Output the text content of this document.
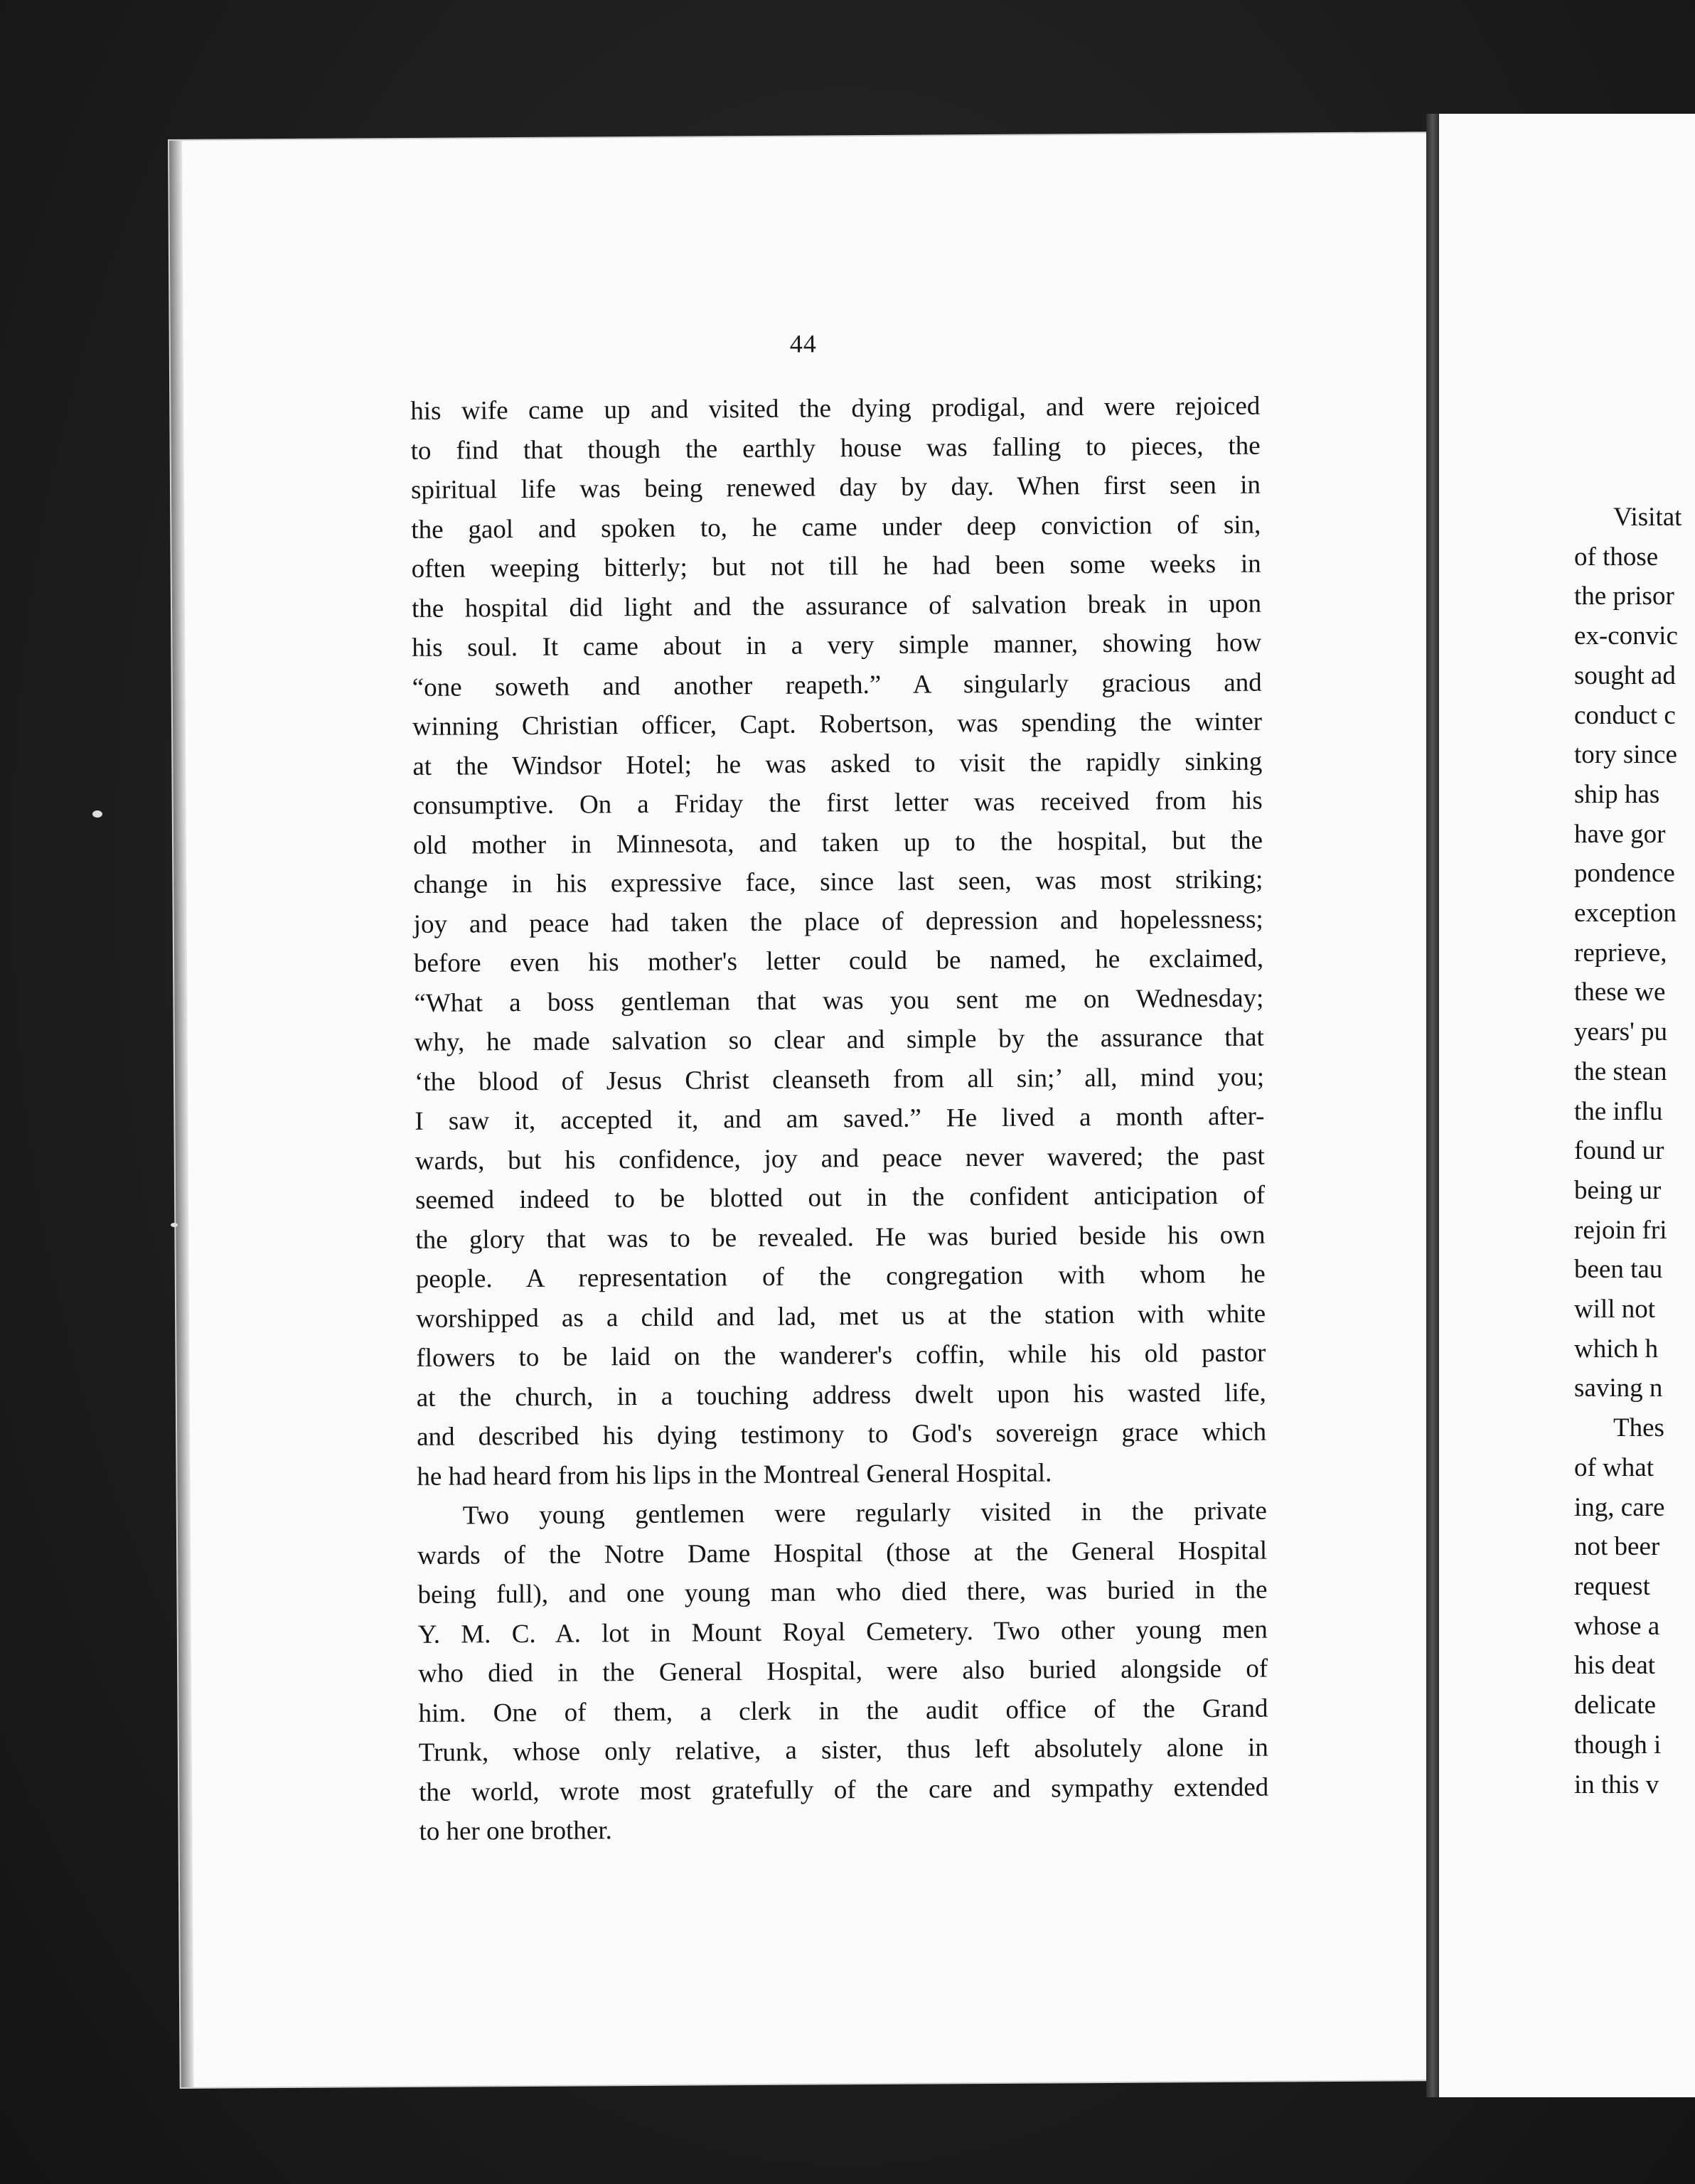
44

his wife came up and visited the dying prodigal, and were rejoiced
to find that though the earthly house was falling to pieces, the
spiritual life was being renewed day by day. When first seen in
the gaol and spoken to, he came under deep conviction of sin,
often weeping bitterly; but not till he had been some weeks in
the hospital did light and the assurance of salvation break in upon
his soul. It came about in a very simple manner, showing how
“one soweth and another reapeth.” A singularly gracious and
winning Christian officer, Capt. Robertson, was spending the winter
at the Windsor Hotel; he was asked to visit the rapidly sinking
consumptive. On a Friday the first letter was received from his
old mother in Minnesota, and taken up to the hospital, but the
change in his expressive face, since last seen, was most striking;
joy and peace had taken the place of depression and hopelessness;
before even his mother's letter could be named, he exclaimed,
“What a boss gentleman that was you sent me on Wednesday;
why, he made salvation so clear and simple by the assurance that
‘the blood of Jesus Christ cleanseth from all sin;’ all, mind you;
I saw it, accepted it, and am saved.” He lived a month after-
wards, but his confidence, joy and peace never wavered; the past
seemed indeed to be blotted out in the confident anticipation of
the glory that was to be revealed. He was buried beside his own
people. A representation of the congregation with whom he
worshipped as a child and lad, met us at the station with white
flowers to be laid on the wanderer's coffin, while his old pastor
at the church, in a touching address dwelt upon his wasted life,
and described his dying testimony to God's sovereign grace which
he had heard from his lips in the Montreal General Hospital.

Two young gentlemen were regularly visited in the private
wards of the Notre Dame Hospital (those at the General Hospital
being full), and one young man who died there, was buried in the
Y. M. C. A. lot in Mount Royal Cemetery. Two other young men
who died in the General Hospital, were also buried alongside of
him. One of them, a clerk in the audit office of the Grand
Trunk, whose only relative, a sister, thus left absolutely alone in
the world, wrote most gratefully of the care and sympathy extended
to her one brother.

Visitat
of those
the prisor
ex-convic
sought ad
conduct c
tory since
ship has
have gor
pondence
exception
reprieve,
these we
years' pu
the stean
the influ
found ur
being ur
rejoin fri
been tau
will not
which h
saving n
Thes
of what
ing, care
not beer
request
whose a
his deat
delicate
though i
in this v
